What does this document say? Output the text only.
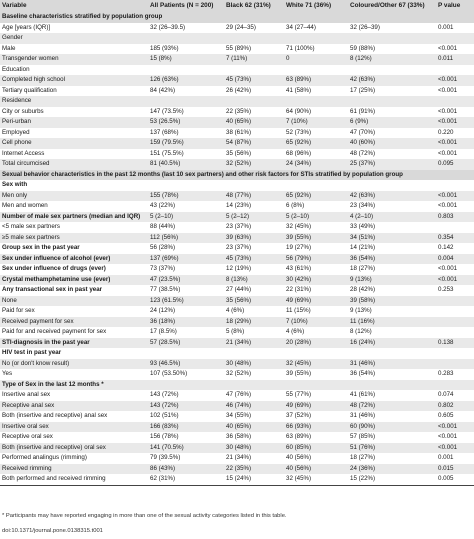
Variable	All Patients (N = 200)	Black 62 (31%)	White 71 (36%)	Coloured/Other 67 (33%)	P value
Baseline characteristics stratified by population group
Age [years (IQR)]	32 (26–39.5)	29 (24–35)	34 (27–44)	32 (26–39)	0.001
Gender
Male	185 (93%)	55 (89%)	71 (100%)	59 (88%)	<0.001
Transgender women	15 (8%)	7 (11%)	0	8 (12%)	0.011
Education
Completed high school	126 (63%)	45 (73%)	63 (89%)	42 (63%)	<0.001
Tertiary qualification	84 (42%)	26 (42%)	41 (58%)	17 (25%)	<0.001
Residence
City or suburbs	147 (73.5%)	22 (35%)	64 (90%)	61 (91%)	<0.001
Peri-urban	53 (26.5%)	40 (65%)	7 (10%)	6 (9%)	<0.001
Employed	137 (68%)	38 (61%)	52 (73%)	47 (70%)	0.220
Cell phone	159 (79.5%)	54 (87%)	65 (92%)	40 (60%)	<0.001
Internet Access	151 (75.5%)	35 (56%)	68 (96%)	48 (72%)	<0.001
Total circumcised	81 (40.5%)	32 (52%)	24 (34%)	25 (37%)	0.095
Sexual behavior characteristics in the past 12 months (last 10 sex partners) and other risk factors for STIs stratified by population group
Sex with
Men only	155 (78%)	48 (77%)	65 (92%)	42 (63%)	<0.001
Men and women	43 (22%)	14 (23%)	6 (8%)	23 (34%)	<0.001
Number of male sex partners (median and IQR)	5 (2–10)	5 (2–12)	5 (2–10)	4 (2–10)	0.803
<5 male sex partners	88 (44%)	23 (37%)	32 (45%)	33 (49%)
≥5 male sex partners	112 (56%)	39 (63%)	39 (55%)	34 (51%)	0.354
Group sex in the past year	56 (28%)	23 (37%)	19 (27%)	14 (21%)	0.142
Sex under influence of alcohol (ever)	137 (69%)	45 (73%)	56 (79%)	36 (54%)	0.004
Sex under influence of drugs (ever)	73 (37%)	12 (19%)	43 (61%)	18 (27%)	<0.001
Crystal methamphetamine use (ever)	47 (23.5%)	8 (13%)	30 (42%)	9 (13%)	<0.001
Any transactional sex in past year	77 (38.5%)	27 (44%)	22 (31%)	28 (42%)	0.253
None	123 (61.5%)	35 (56%)	49 (69%)	39 (58%)
Paid for sex	24 (12%)	4 (6%)	11 (15%)	9 (13%)
Received payment for sex	36 (18%)	18 (29%)	7 (10%)	11 (16%)
Paid for and received payment for sex	17 (8.5%)	5 (8%)	4 (6%)	8 (12%)
STI-diagnosis in the past year	57 (28.5%)	21 (34%)	20 (28%)	16 (24%)	0.138
HIV test in past year
No (or don't know result)	93 (46.5%)	30 (48%)	32 (45%)	31 (46%)
Yes	107 (53.50%)	32 (52%)	39 (55%)	36 (54%)	0.283
Type of Sex in the last 12 months *
Insertive anal sex	143 (72%)	47 (76%)	55 (77%)	41 (61%)	0.074
Receptive anal sex	143 (72%)	46 (74%)	49 (69%)	48 (72%)	0.802
Both (insertive and receptive) anal sex	102 (51%)	34 (55%)	37 (52%)	31 (46%)	0.605
Insertive oral sex	166 (83%)	40 (65%)	66 (93%)	60 (90%)	<0.001
Receptive oral sex	156 (78%)	36 (58%)	63 (89%)	57 (85%)	<0.001
Both (insertive and receptive) oral sex	141 (70.5%)	30 (48%)	60 (85%)	51 (76%)	<0.001
Performed analingus (rimming)	79 (39.5%)	21 (34%)	40 (56%)	18 (27%)	0.001
Received rimming	86 (43%)	22 (35%)	40 (56%)	24 (36%)	0.015
Both performed and received rimming	62 (31%)	15 (24%)	32 (45%)	15 (22%)	0.005
* Participants may have reported engaging in more than one of the sexual activity categories listed in this table.
doi:10.1371/journal.pone.0138315.t001
